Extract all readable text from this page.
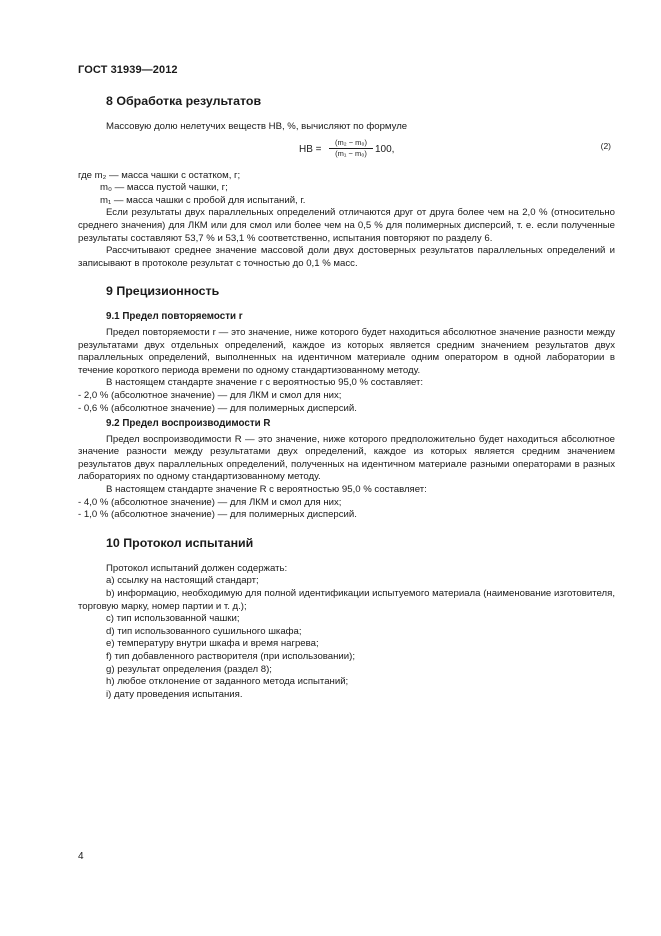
ГОСТ 31939—2012

8 Обработка результатов

Массовую долю нелетучих веществ НВ, %, вычисляют по формуле

НВ = $\frac{\text{(m₂ − m₀)}}{\text{(m₁ − m₀)}} 100$,	(2)

где m₂ — масса чашки с остатком, г;

m₀ — масса пустой чашки, г;

m₁ — масса чашки с пробой для испытаний, г.

Если результаты двух параллельных определений отличаются друг от друга более чем на 2,0 % (относительно среднего значения) для ЛКМ или для смол или более чем на 0,5 % для полимерных дисперсий, т. е. если полученные результаты составляют 53,7 % и 53,1 % соответственно, испытания повторяют по разделу 6.

Рассчитывают среднее значение массовой доли двух достоверных результатов параллельных определений и записывают в протоколе результат с точностью до 0,1 % масс.

9 Прецизионность

9.1 Предел повторяемости r

Предел повторяемости r — это значение, ниже которого будет находиться абсолютное значение разности между результатами двух отдельных определений, каждое из которых является средним значением результатов двух параллельных определений, выполненных на идентичном материале одним оператором в одной лаборатории в течение короткого периода времени по одному стандартизованному методу.

В настоящем стандарте значение r с вероятностью 95,0 % составляет:

- 2,0 % (абсолютное значение) — для ЛКМ и смол для них;

- 0,6 % (абсолютное значение) — для полимерных дисперсий.

9.2 Предел воспроизводимости R

Предел воспроизводимости R — это значение, ниже которого предположительно будет находиться абсолютное значение разности между результатами двух определений, каждое из которых является средним значением результатов двух параллельных определений, полученных на идентичном материале разными операторами в разных лабораториях по одному стандартизованному методу.

В настоящем стандарте значение R с вероятностью 95,0 % составляет:

- 4,0 % (абсолютное значение) — для ЛКМ и смол для них;

- 1,0 % (абсолютное значение) — для полимерных дисперсий.

10 Протокол испытаний

Протокол испытаний должен содержать:

a) ссылку на настоящий стандарт;

b) информацию, необходимую для полной идентификации испытуемого материала (наименование изготовителя, торговую марку, номер партии и т. д.);

c) тип использованной чашки;

d) тип использованного сушильного шкафа;

e) температуру внутри шкафа и время нагрева;

f) тип добавленного растворителя (при использовании);

g) результат определения (раздел 8);

h) любое отклонение от заданного метода испытаний;

i) дату проведения испытания.

4
